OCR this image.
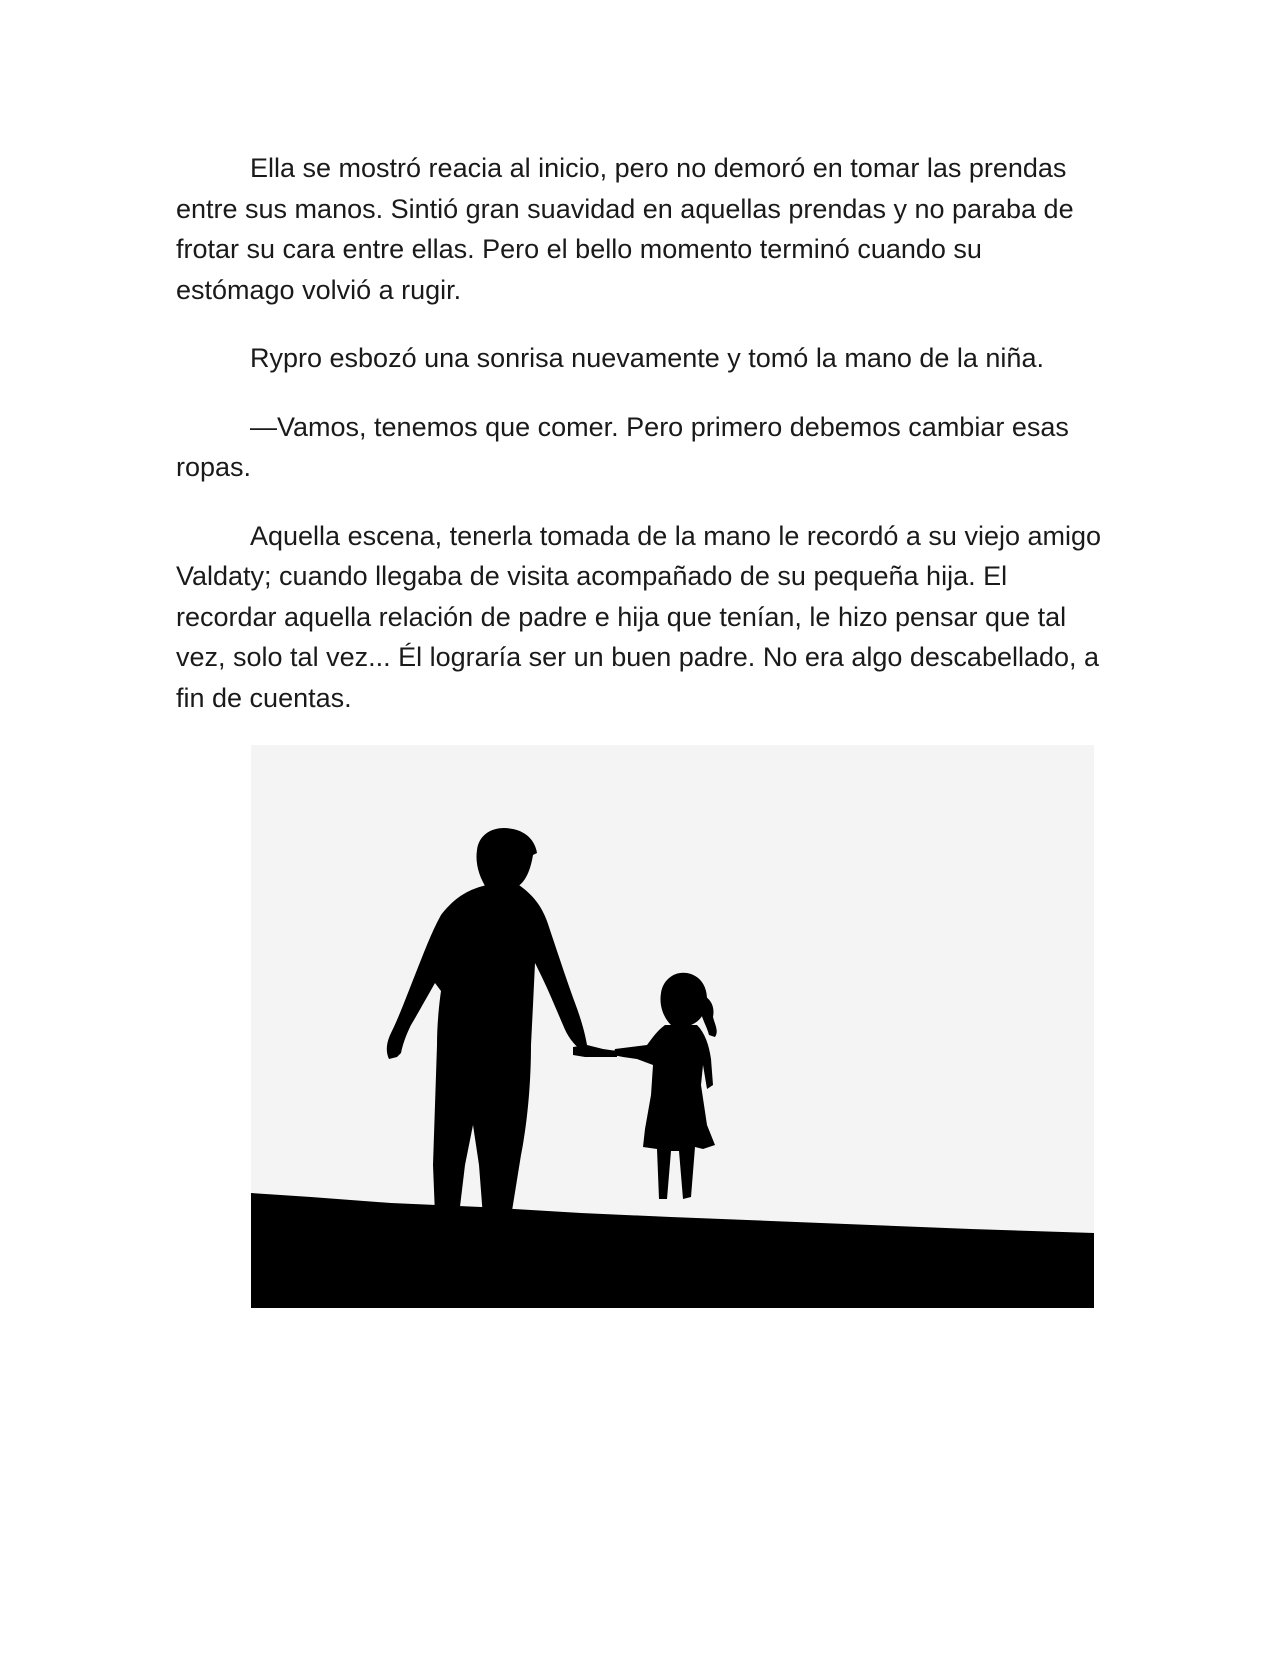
Ella se mostró reacia al inicio, pero no demoró en tomar las prendas entre sus manos. Sintió gran suavidad en aquellas prendas y no paraba de frotar su cara entre ellas. Pero el bello momento terminó cuando su estómago volvió a rugir.

Rypro esbozó una sonrisa nuevamente y tomó la mano de la niña.

—Vamos, tenemos que comer. Pero primero debemos cambiar esas ropas.

Aquella escena, tenerla tomada de la mano le recordó a su viejo amigo Valdaty; cuando llegaba de visita acompañado de su pequeña hija. El recordar aquella relación de padre e hija que tenían, le hizo pensar que tal vez, solo tal vez... Él lograría ser un buen padre. No era algo descabellado, a fin de cuentas.
